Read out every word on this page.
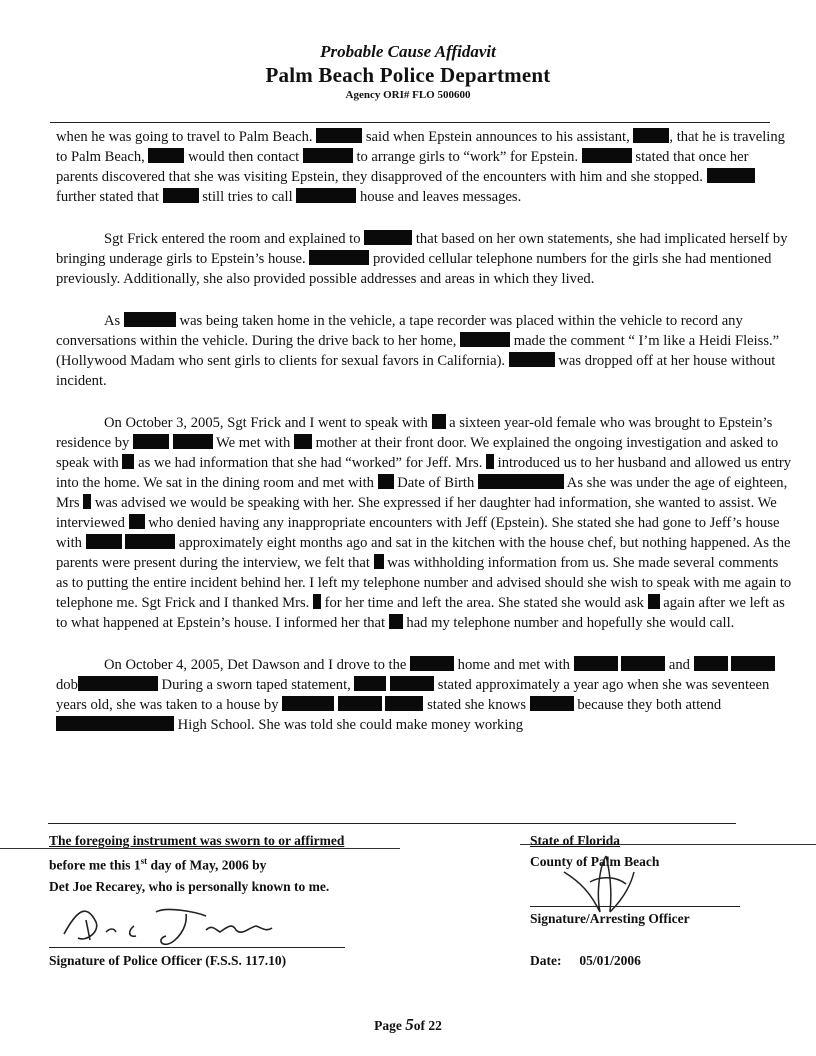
Probable Cause Affidavit
Palm Beach Police Department
Agency ORI# FLO 500600

when he was going to travel to Palm Beach.	said when Epstein announces to his assistant,	, that he is traveling to Palm Beach,	would then contact	to arrange girls to “work” for Epstein.	stated that once her parents discovered that she was visiting Epstein, they disapproved of the encounters with him and she stopped.  further stated that	still tries to call	house and leaves messages.

Sgt Frick entered the room and explained to	that based on her own statements, she had implicated herself by bringing underage girls to Epstein’s house.	provided cellular telephone numbers for the girls she had mentioned previously. Additionally, she also provided possible addresses and areas in which they lived.

As	was being taken home in the vehicle, a tape recorder was placed within the vehicle to record any conversations within the vehicle. During the drive back to her home,	made the comment “ I’m like a Heidi Fleiss.” (Hollywood Madam who sent girls to clients for sexual favors in California).	was dropped off at her house without incident.

On October 3, 2005, Sgt Frick and I went to speak with a sixteen year-old female who was brought to Epstein’s residence by	We met with mother at their front door. We explained the ongoing investigation and asked to speak with as we had information that she had “worked” for Jeff. Mrs. introduced us to her husband and allowed us entry into the home. We sat in the dining room and met with Date of Birth	As she was under the age of eighteen, Mrs was advised we would be speaking with her. She expressed if her daughter had information, she wanted to assist. We interviewed who denied having any inappropriate encounters with Jeff (Epstein). She stated she had gone to Jeff’s house with	approximately eight months ago and sat in the kitchen with the house chef, but nothing happened. As the parents were present during the interview, we felt that was withholding information from us. She made several comments as to putting the entire incident behind her. I left my telephone number and advised should she wish to speak with me again to telephone me. Sgt Frick and I thanked Mrs. for her time and left the area. She stated she would ask again after we left as to what happened at Epstein’s house. I informed her that had my telephone number and hopefully she would call.

On October 4, 2005, Det Dawson and I drove to the	home and met with	and   dob	During a sworn taped statement,	stated approximately a year ago when she was seventeen years old, she was taken to a house by	stated she knows	because they both attend  High School. She was told she could make money working

The foregoing instrument was sworn to or affirmed
before me this 1st day of May, 2006 by
Det Joe Recarey, who is personally known to me.
Signature of Police Officer (F.S.S. 117.10)
State of Florida
County of Palm Beach
Signature/Arresting Officer
Date: 05/01/2006
Page 5of 22
